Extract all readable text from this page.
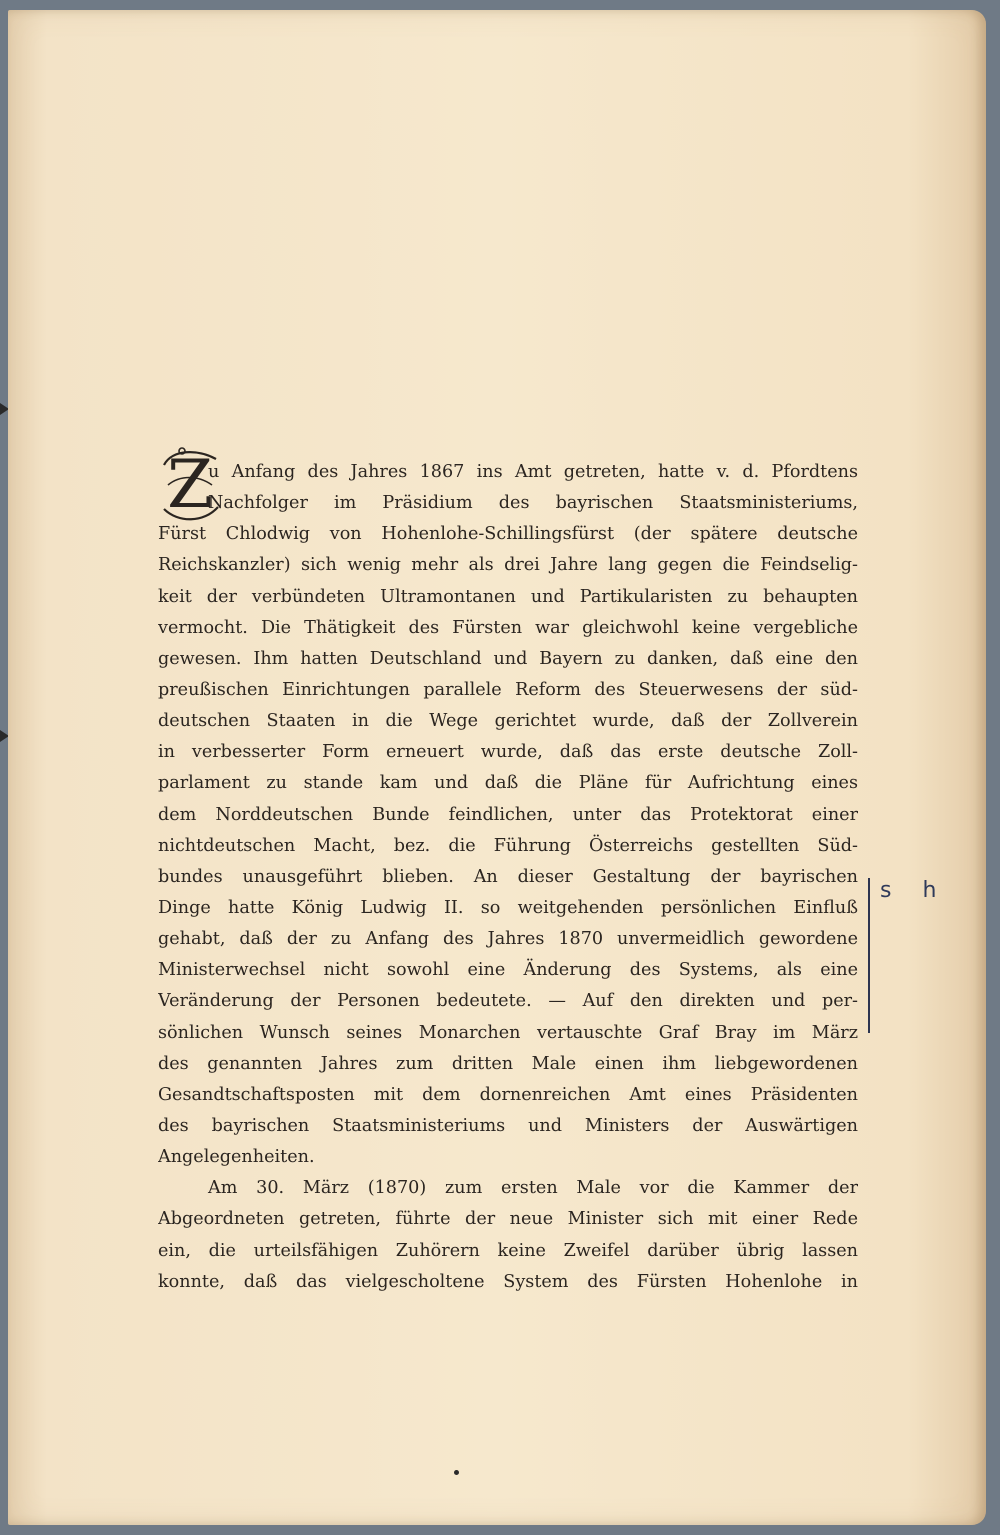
Z
u Anfang des Jahres 1867 ins Amt getreten, hatte v. d. Pfordtens
Nachfolger im Präsidium des bayrischen Staatsministeriums,
Fürst Chlodwig von Hohenlohe-Schillingsfürst (der spätere deutsche
Reichskanzler) sich wenig mehr als drei Jahre lang gegen die Feindselig-
keit der verbündeten Ultramontanen und Partikularisten zu behaupten
vermocht. Die Thätigkeit des Fürsten war gleichwohl keine vergebliche
gewesen. Ihm hatten Deutschland und Bayern zu danken, daß eine den
preußischen Einrichtungen parallele Reform des Steuerwesens der süd-
deutschen Staaten in die Wege gerichtet wurde, daß der Zollverein
in verbesserter Form erneuert wurde, daß das erste deutsche Zoll-
parlament zu stande kam und daß die Pläne für Aufrichtung eines
dem Norddeutschen Bunde feindlichen, unter das Protektorat einer
nichtdeutschen Macht, bez. die Führung Österreichs gestellten Süd-
bundes unausgeführt blieben. An dieser Gestaltung der bayrischen
Dinge hatte König Ludwig II. so weitgehenden persönlichen Einfluß
gehabt, daß der zu Anfang des Jahres 1870 unvermeidlich gewordene
Ministerwechsel nicht sowohl eine Änderung des Systems, als eine
Veränderung der Personen bedeutete. — Auf den direkten und per-
sönlichen Wunsch seines Monarchen vertauschte Graf Bray im März
des genannten Jahres zum dritten Male einen ihm liebgewordenen
Gesandtschaftsposten mit dem dornenreichen Amt eines Präsidenten
des bayrischen Staatsministeriums und Ministers der Auswärtigen
Angelegenheiten.
Am 30. März (1870) zum ersten Male vor die Kammer der
Abgeordneten getreten, führte der neue Minister sich mit einer Rede
ein, die urteilsfähigen Zuhörern keine Zweifel darüber übrig lassen
konnte, daß das vielgescholtene System des Fürsten Hohenlohe in
s h
